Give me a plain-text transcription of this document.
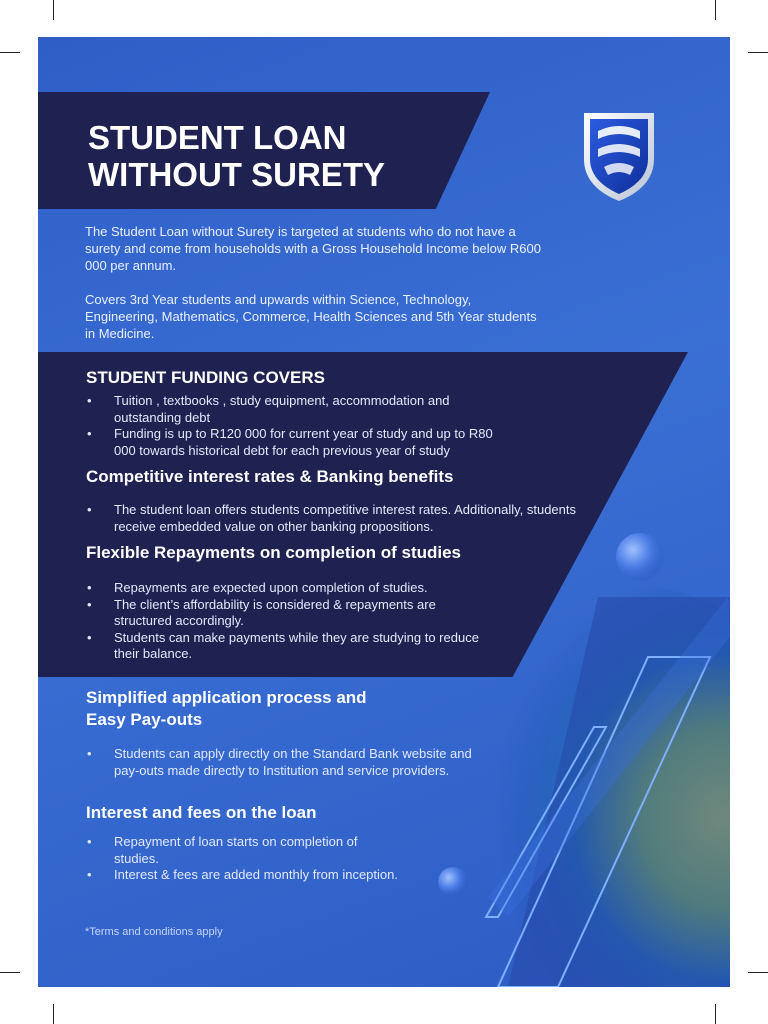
STUDENT LOAN
WITHOUT SURETY

The Student Loan without Surety is targeted at students who do not have a surety and come from households with a Gross Household Income below R600 000 per annum.

Covers 3rd Year students and upwards within Science, Technology, Engineering, Mathematics, Commerce, Health Sciences and 5th Year students in Medicine.

STUDENT FUNDING COVERS
• Tuition , textbooks , study equipment, accommodation and outstanding debt
• Funding is up to R120 000 for current year of study and up to R80 000 towards historical debt for each previous year of study
Competitive interest rates & Banking benefits
• The student loan offers students competitive interest rates. Additionally, students receive embedded value on other banking propositions.
Flexible Repayments on completion of studies
• Repayments are expected upon completion of studies.
• The client’s affordability is considered & repayments are structured accordingly.
• Students can make payments while they are studying to reduce their balance.
Simplified application process and
Easy Pay-outs
• Students can apply directly on the Standard Bank website and pay-outs made directly to Institution and service providers.
Interest and fees on the loan
• Repayment of loan starts on completion of studies.
• Interest & fees are added monthly from inception.

*Terms and conditions apply
